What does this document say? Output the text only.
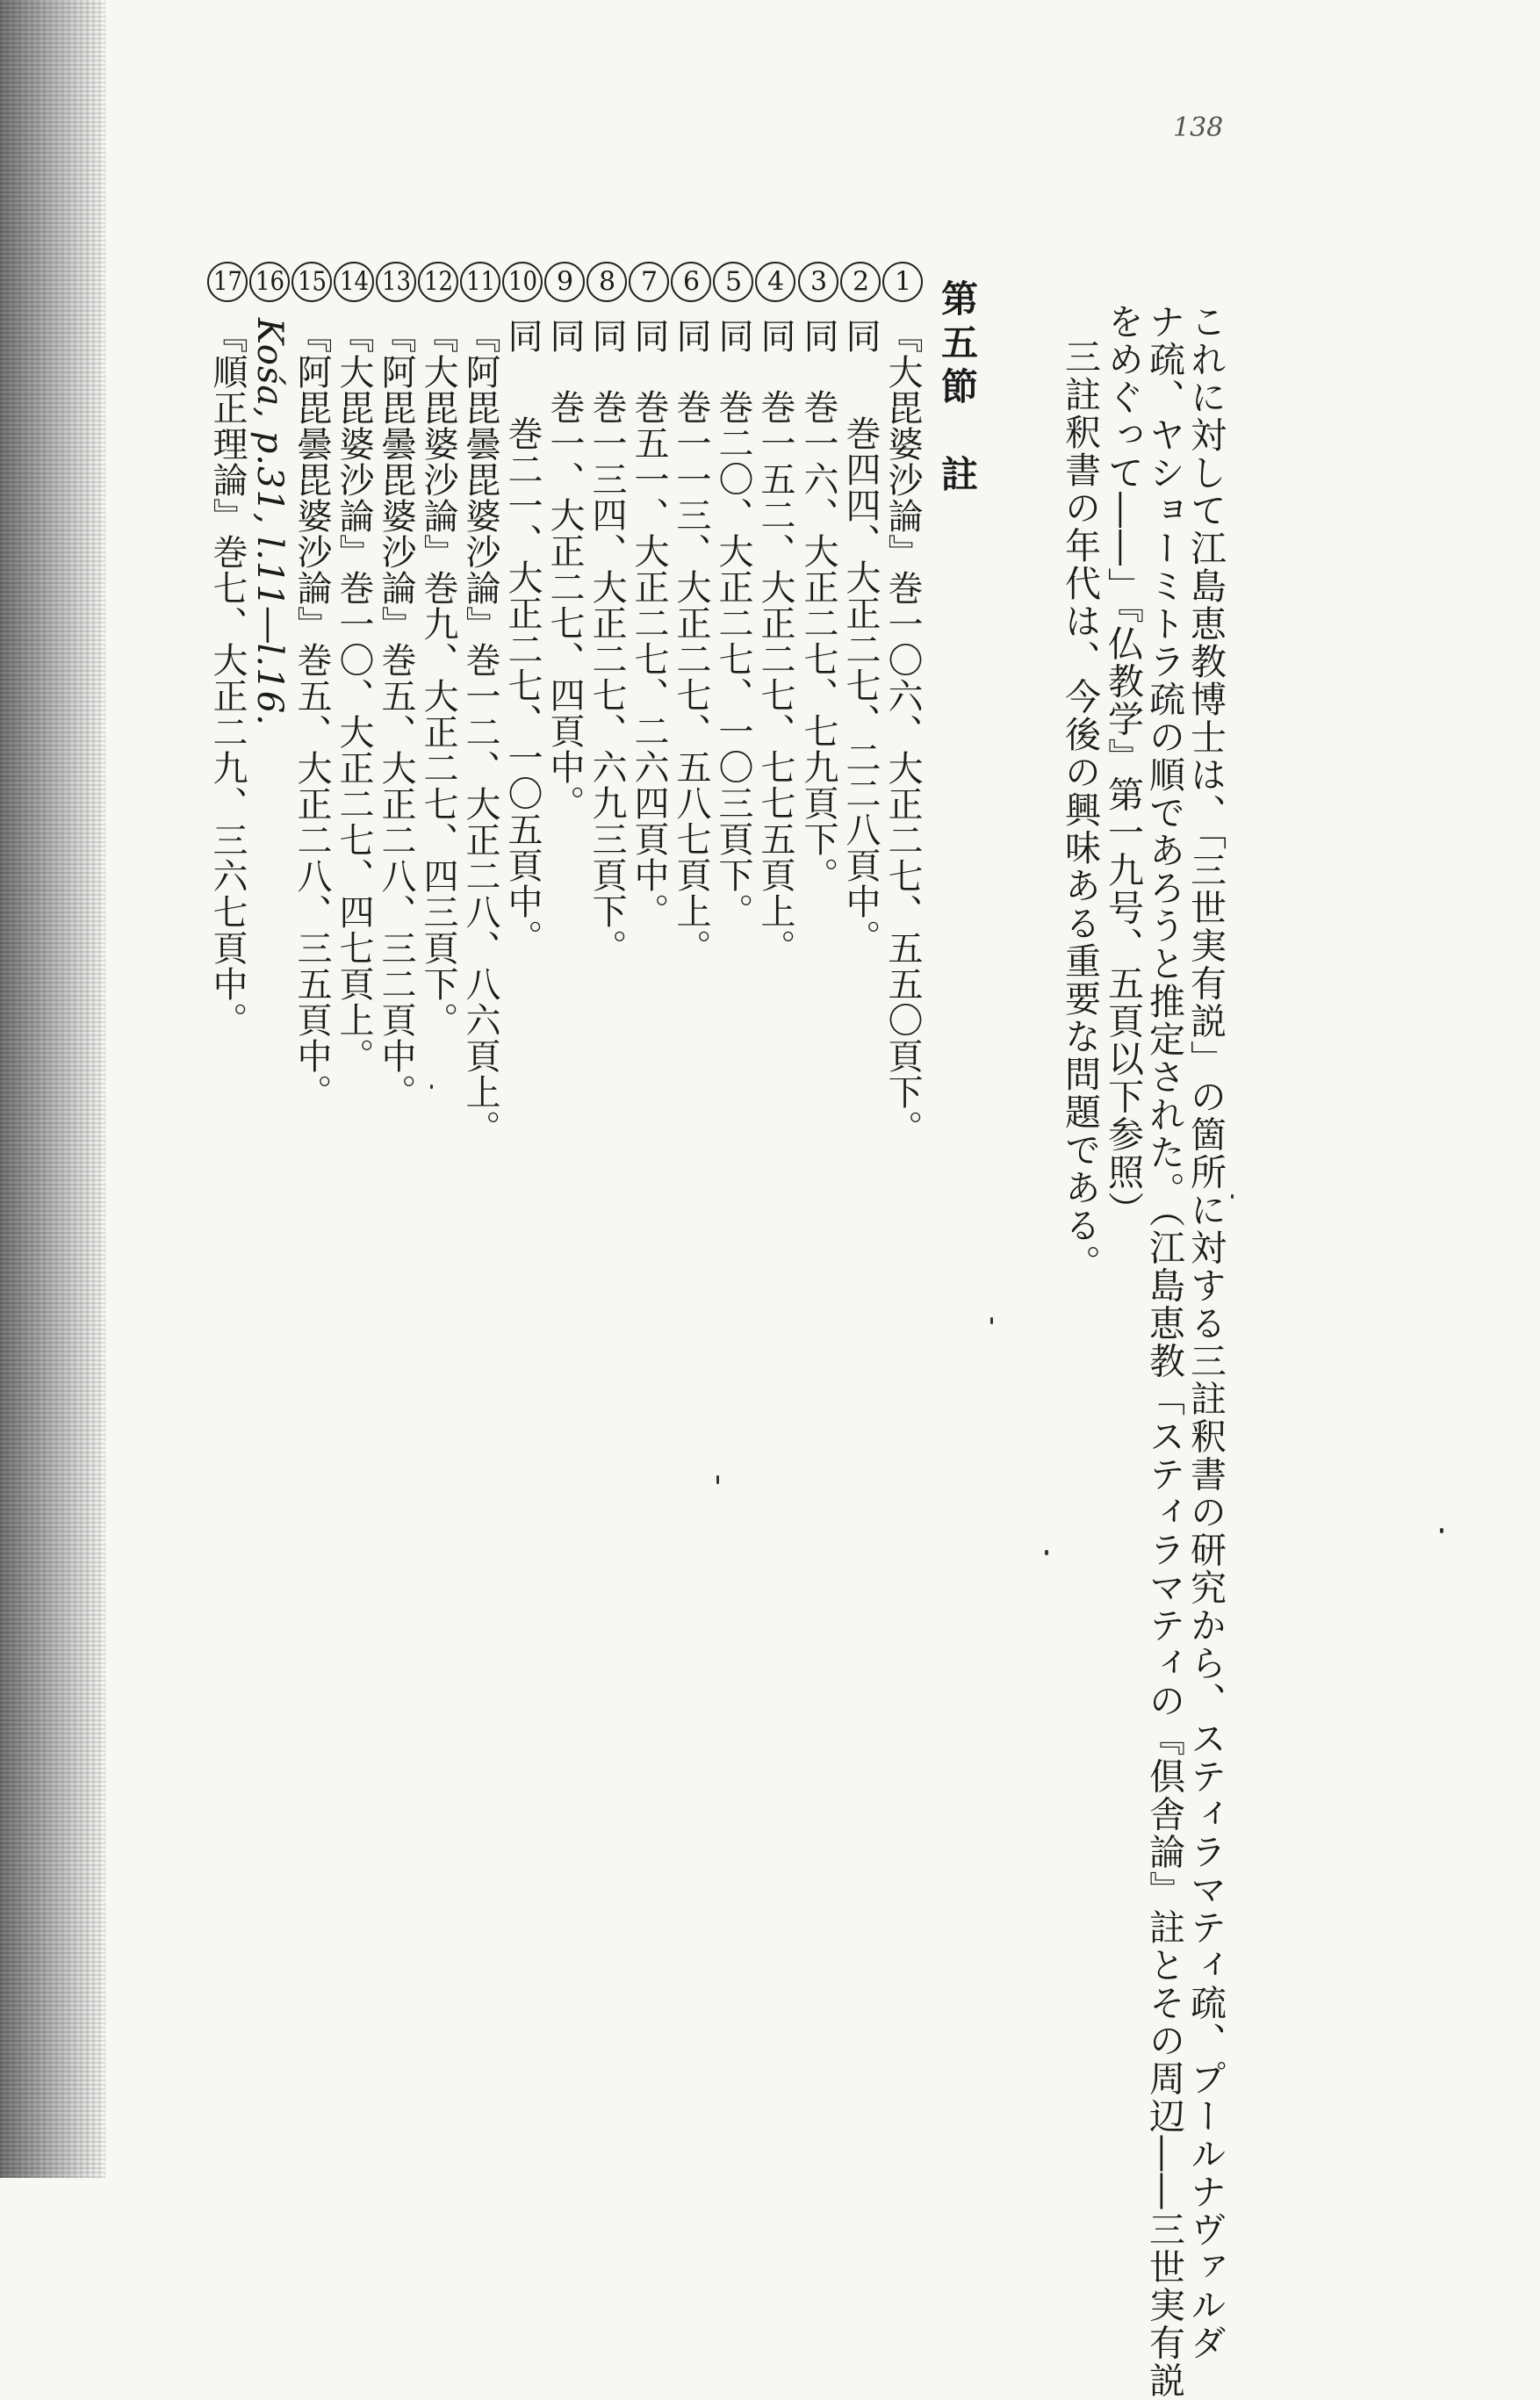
138
これに対して江島恵教博士は、「三世実有説」の箇所に対する三註釈書の研究から、スティラマティ疏、プールナヴァルダ
ナ疏、ヤショーミトラ疏の順であろうと推定された。（江島恵教「スティラマティの『倶舎論』註とその周辺――三世実有説
をめぐって――」『仏教学』第一九号、五頁以下参照）
三註釈書の年代は、今後の興味ある重要な問題である。
第五節　註
1『大毘婆沙論』巻一〇六、大正二七、五五〇頁下。
2同巻四四、大正二七、二二八頁中。
3同巻一六、大正二七、七九頁下。
4同巻一五二、大正二七、七七五頁上。
5同巻二〇、大正二七、一〇三頁下。
6同巻一一三、大正二七、五八七頁上。
7同巻五一、大正二七、二六四頁中。
8同巻一三四、大正二七、六九三頁下。
9同巻一、大正二七、四頁中。
10同巻二一、大正二七、一〇五頁中。
11『阿毘曇毘婆沙論』巻一二、大正二八、八六頁上。
12『大毘婆沙論』巻九、大正二七、四三頁下。
13『阿毘曇毘婆沙論』巻五、大正二八、三二頁中。
14『大毘婆沙論』巻一〇、大正二七、四七頁上。
15『阿毘曇毘婆沙論』巻五、大正二八、三五頁中。
16Kośa, p.31, l.11―l.16.
17『順正理論』巻七、大正二九、三六七頁中。
